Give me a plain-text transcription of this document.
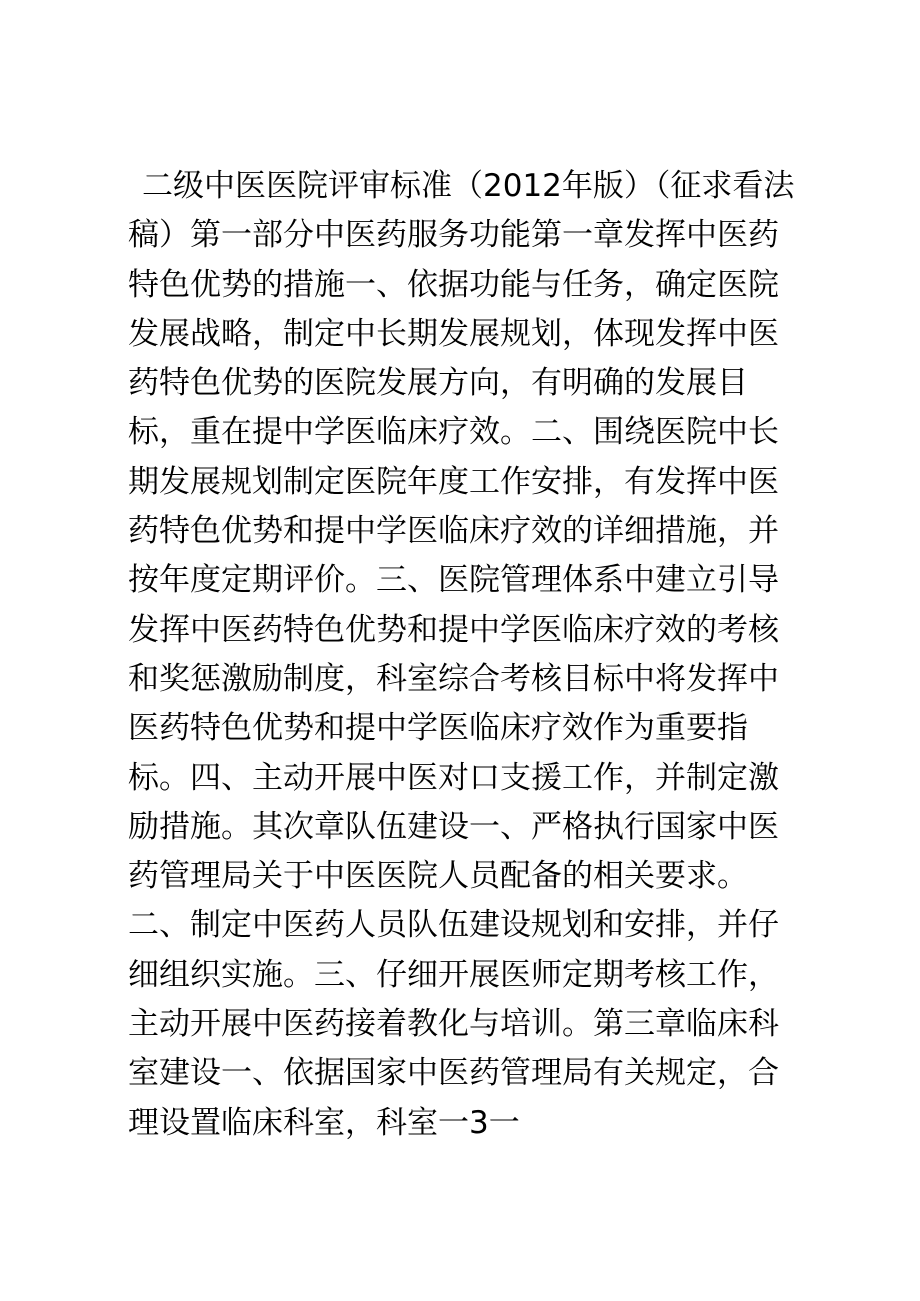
二级中医医院评审标准（2012年版）（征求看法
稿）第一部分中医药服务功能第一章发挥中医药
特色优势的措施一、依据功能与任务，确定医院
发展战略，制定中长期发展规划，体现发挥中医
药特色优势的医院发展方向，有明确的发展目
标，重在提中学医临床疗效。二、围绕医院中长
期发展规划制定医院年度工作安排，有发挥中医
药特色优势和提中学医临床疗效的详细措施，并
按年度定期评价。三、医院管理体系中建立引导
发挥中医药特色优势和提中学医临床疗效的考核
和奖惩激励制度，科室综合考核目标中将发挥中
医药特色优势和提中学医临床疗效作为重要指
标。四、主动开展中医对口支援工作，并制定激
励措施。其次章队伍建设一、严格执行国家中医
药管理局关于中医医院人员配备的相关要求。
二、制定中医药人员队伍建设规划和安排，并仔
细组织实施。三、仔细开展医师定期考核工作，
主动开展中医药接着教化与培训。第三章临床科
室建设一、依据国家中医药管理局有关规定，合
理设置临床科室，科室一3一
